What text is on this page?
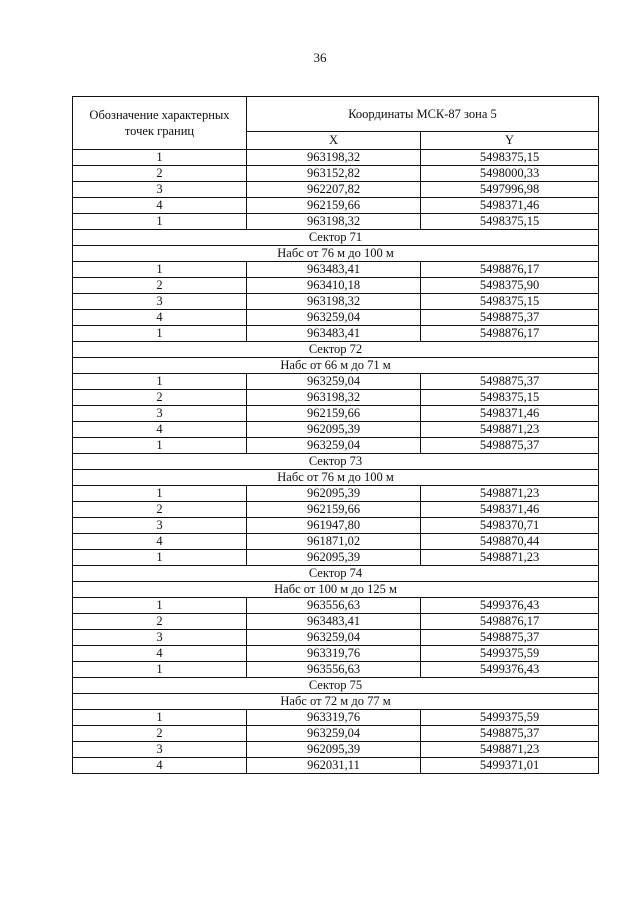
36
Обозначение характерных точек границ	Координаты МСК-87 зона 5	
	X	Y
1	963198,32	5498375,15
2	963152,82	5498000,33
3	962207,82	5497996,98
4	962159,66	5498371,46
1	963198,32	5498375,15
Сектор 71		
Набс от 76 м до 100 м		
1	963483,41	5498876,17
2	963410,18	5498375,90
3	963198,32	5498375,15
4	963259,04	5498875,37
1	963483,41	5498876,17
Сектор 72		
Набс от 66 м до 71 м		
1	963259,04	5498875,37
2	963198,32	5498375,15
3	962159,66	5498371,46
4	962095,39	5498871,23
1	963259,04	5498875,37
Сектор 73		
Набс от 76 м до 100 м		
1	962095,39	5498871,23
2	962159,66	5498371,46
3	961947,80	5498370,71
4	961871,02	5498870,44
1	962095,39	5498871,23
Сектор 74		
Набс от 100 м до 125 м		
1	963556,63	5499376,43
2	963483,41	5498876,17
3	963259,04	5498875,37
4	963319,76	5499375,59
1	963556,63	5499376,43
Сектор 75		
Набс от 72 м до 77 м		
1	963319,76	5499375,59
2	963259,04	5498875,37
3	962095,39	5498871,23
4	962031,11	5499371,01
